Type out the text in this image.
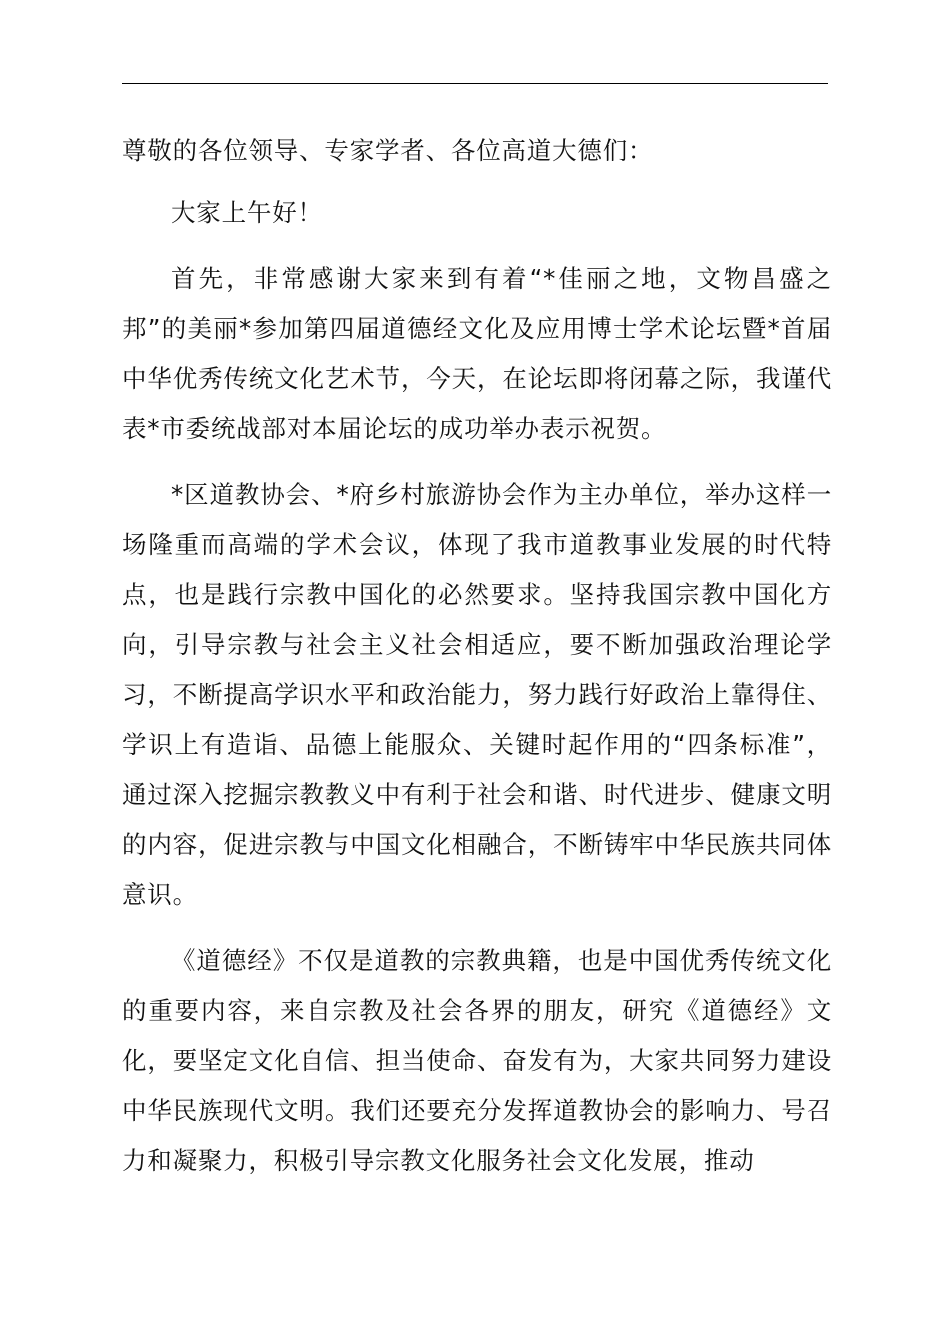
尊敬的各位领导、专家学者、各位高道大德们：

大家上午好！

首先，非常感谢大家来到有着“*佳丽之地，文物昌盛之邦”的美丽*参加第四届道德经文化及应用博士学术论坛暨*首届中华优秀传统文化艺术节，今天，在论坛即将闭幕之际，我谨代表*市委统战部对本届论坛的成功举办表示祝贺。

*区道教协会、*府乡村旅游协会作为主办单位，举办这样一场隆重而高端的学术会议，体现了我市道教事业发展的时代特点，也是践行宗教中国化的必然要求。坚持我国宗教中国化方向，引导宗教与社会主义社会相适应，要不断加强政治理论学习，不断提高学识水平和政治能力，努力践行好政治上靠得住、学识上有造诣、品德上能服众、关键时起作用的“四条标准”，通过深入挖掘宗教教义中有利于社会和谐、时代进步、健康文明的内容，促进宗教与中国文化相融合，不断铸牢中华民族共同体意识。

《道德经》不仅是道教的宗教典籍，也是中国优秀传统文化的重要内容，来自宗教及社会各界的朋友，研究《道德经》文化，要坚定文化自信、担当使命、奋发有为，大家共同努力建设中华民族现代文明。我们还要充分发挥道教协会的影响力、号召力和凝聚力，积极引导宗教文化服务社会文化发展，推动
